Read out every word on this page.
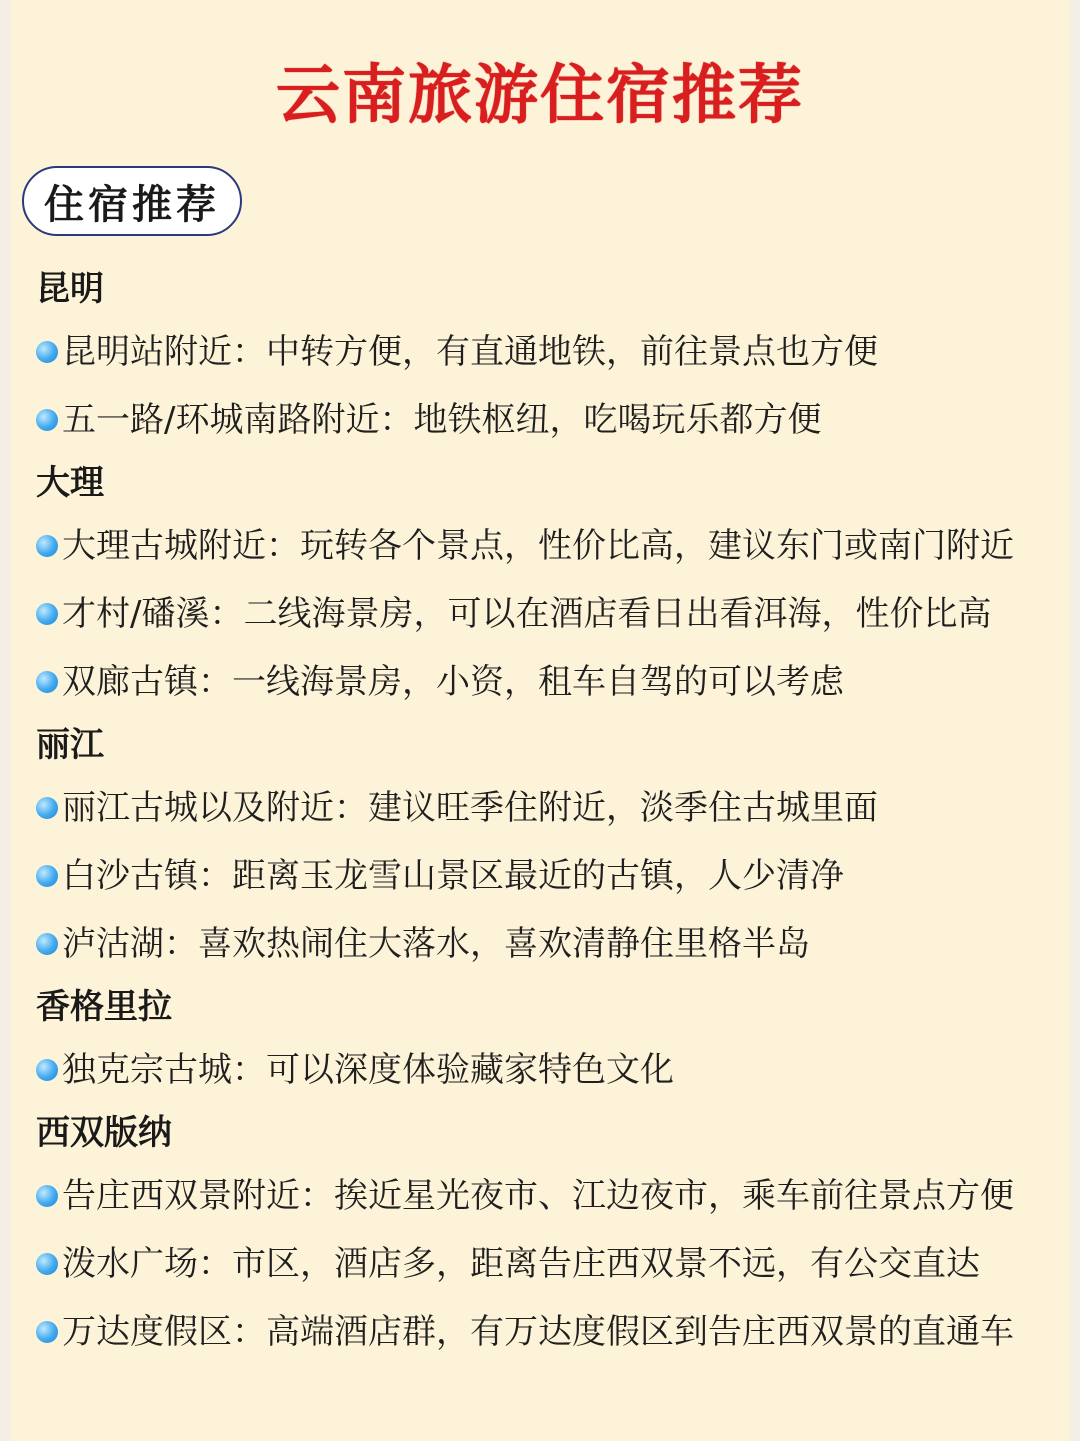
云南旅游住宿推荐
住宿推荐
昆明
昆明站附近：中转方便，有直通地铁，前往景点也方便
五一路/环城南路附近：地铁枢纽，吃喝玩乐都方便
大理
大理古城附近：玩转各个景点，性价比高，建议东门或南门附近
才村/磻溪：二线海景房，可以在酒店看日出看洱海，性价比高
双廊古镇：一线海景房，小资，租车自驾的可以考虑
丽江
丽江古城以及附近：建议旺季住附近，淡季住古城里面
白沙古镇：距离玉龙雪山景区最近的古镇，人少清净
泸沽湖：喜欢热闹住大落水，喜欢清静住里格半岛
香格里拉
独克宗古城：可以深度体验藏家特色文化
西双版纳
告庄西双景附近：挨近星光夜市、江边夜市，乘车前往景点方便
泼水广场：市区，酒店多，距离告庄西双景不远，有公交直达
万达度假区：高端酒店群，有万达度假区到告庄西双景的直通车
